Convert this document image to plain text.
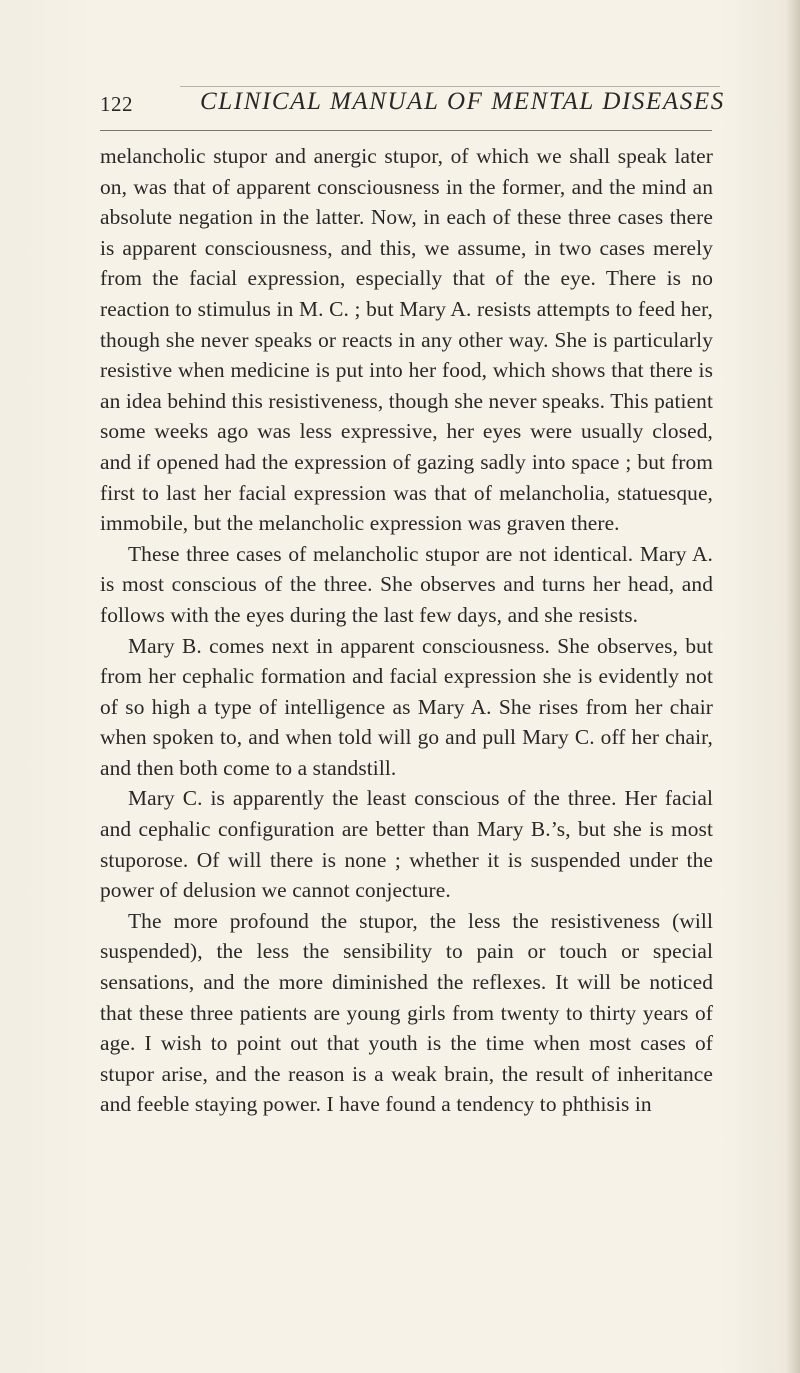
122	CLINICAL MANUAL OF MENTAL DISEASES

melancholic stupor and anergic stupor, of which we shall speak later on, was that of apparent consciousness in the former, and the mind an absolute negation in the latter. Now, in each of these three cases there is apparent consciousness, and this, we assume, in two cases merely from the facial expression, especially that of the eye. There is no reaction to stimulus in M. C. ; but Mary A. resists attempts to feed her, though she never speaks or reacts in any other way. She is particularly resistive when medicine is put into her food, which shows that there is an idea behind this resistiveness, though she never speaks. This patient some weeks ago was less expressive, her eyes were usually closed, and if opened had the expression of gazing sadly into space ; but from first to last her facial expression was that of melancholia, statuesque, immobile, but the melancholic expression was graven there.

These three cases of melancholic stupor are not identical. Mary A. is most conscious of the three. She observes and turns her head, and follows with the eyes during the last few days, and she resists.

Mary B. comes next in apparent consciousness. She observes, but from her cephalic formation and facial expression she is evidently not of so high a type of intelligence as Mary A. She rises from her chair when spoken to, and when told will go and pull Mary C. off her chair, and then both come to a standstill.

Mary C. is apparently the least conscious of the three. Her facial and cephalic configuration are better than Mary B.’s, but she is most stuporose. Of will there is none ; whether it is suspended under the power of delusion we cannot conjecture.

The more profound the stupor, the less the resistiveness (will suspended), the less the sensibility to pain or touch or special sensations, and the more diminished the reflexes. It will be noticed that these three patients are young girls from twenty to thirty years of age. I wish to point out that youth is the time when most cases of stupor arise, and the reason is a weak brain, the result of inheritance and feeble staying power. I have found a tendency to phthisis in
